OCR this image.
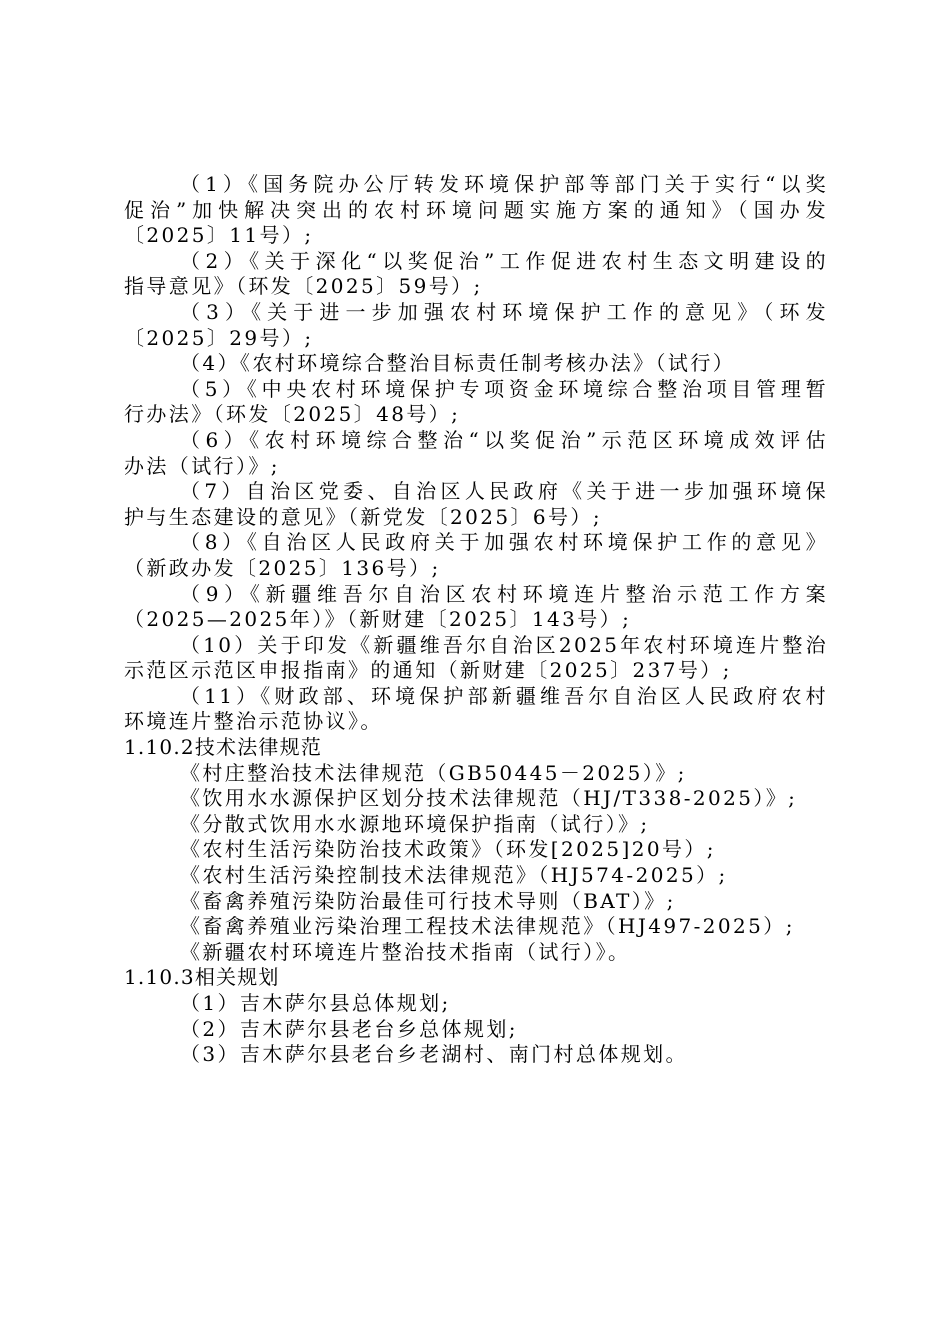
（1）《国务院办公厅转发环境保护部等部门关于实行“以奖
促治”加快解决突出的农村环境问题实施方案的通知》（国办发
〔2025〕11号）;
（2）《关于深化“以奖促治”工作促进农村生态文明建设的
指导意见》（环发〔2025〕59号）;
（3）《关于进一步加强农村环境保护工作的意见》（环发
〔2025〕29号）;
（4）《农村环境综合整治目标责任制考核办法》（试行）
（5）《中央农村环境保护专项资金环境综合整治项目管理暂
行办法》（环发〔2025〕48号）;
（6）《农村环境综合整治“以奖促治”示范区环境成效评估
办法（试行）》;
（7）自治区党委、自治区人民政府《关于进一步加强环境保
护与生态建设的意见》（新党发〔2025〕6号）;
（8）《自治区人民政府关于加强农村环境保护工作的意见》
（新政办发〔2025〕136号）;
（9）《新疆维吾尔自治区农村环境连片整治示范工作方案
（2025—2025年）》（新财建〔2025〕143号）;
（10）关于印发《新疆维吾尔自治区2025年农村环境连片整治
示范区示范区申报指南》的通知（新财建〔2025〕237号）;
（11）《财政部、环境保护部新疆维吾尔自治区人民政府农村
环境连片整治示范协议》。
1.10.2技术法律规范
《村庄整治技术法律规范（GB50445－2025）》;
《饮用水水源保护区划分技术法律规范（HJ/T338-2025）》;
《分散式饮用水水源地环境保护指南（试行）》;
《农村生活污染防治技术政策》（环发[2025]20号）;
《农村生活污染控制技术法律规范》（HJ574-2025）;
《畜禽养殖污染防治最佳可行技术导则（BAT）》;
《畜禽养殖业污染治理工程技术法律规范》（HJ497-2025）;
《新疆农村环境连片整治技术指南（试行）》。
1.10.3相关规划
（1）吉木萨尔县总体规划;
（2）吉木萨尔县老台乡总体规划;
（3）吉木萨尔县老台乡老湖村、南门村总体规划。
